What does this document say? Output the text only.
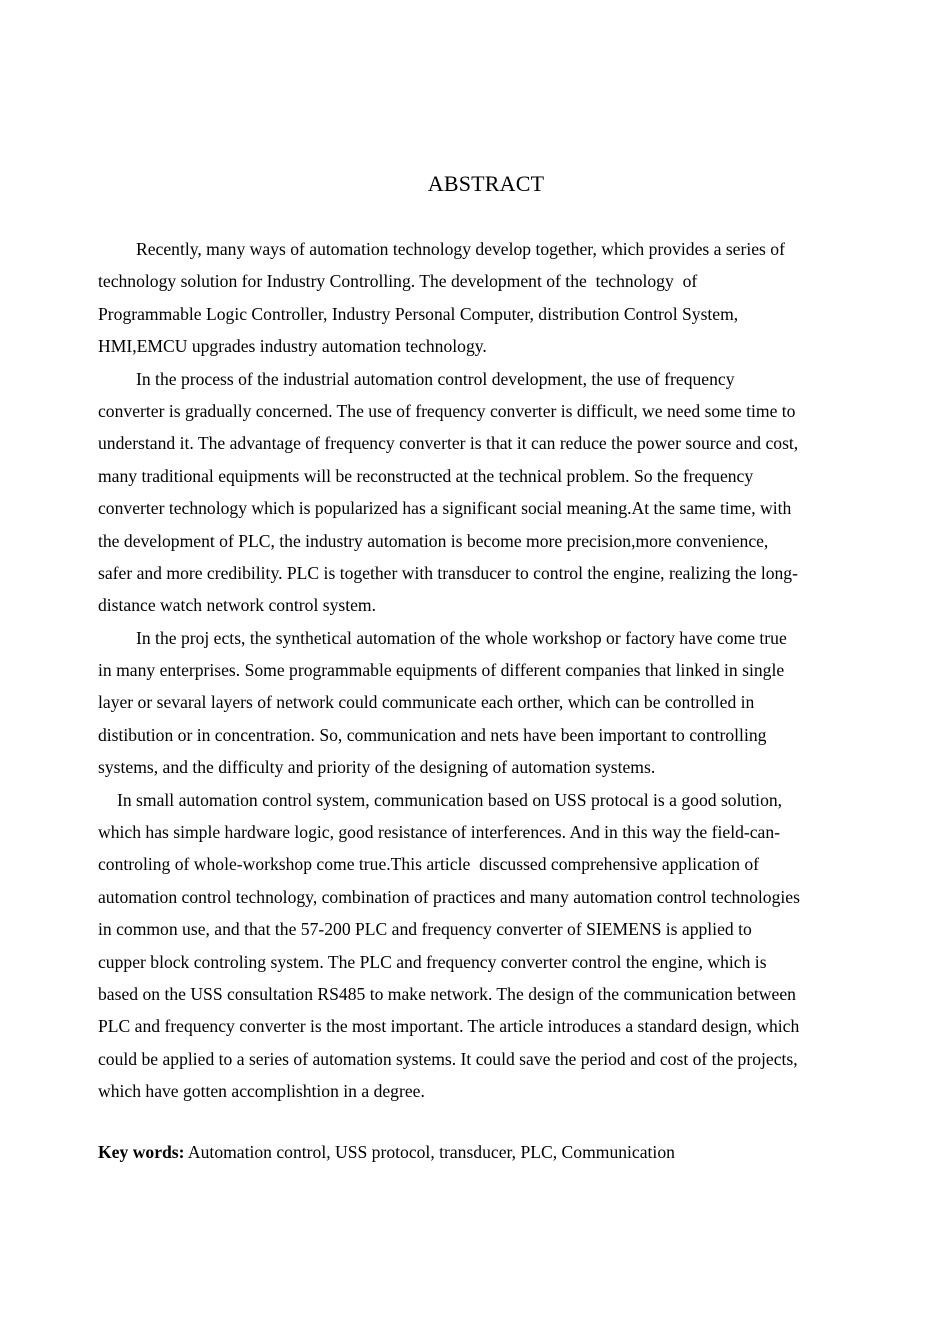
ABSTRACT
Recently, many ways of automation technology develop together, which provides a series of
technology solution for Industry Controlling. The development of the  technology  of
Programmable Logic Controller, Industry Personal Computer, distribution Control System,
HMI,EMCU upgrades industry automation technology.
In the process of the industrial automation control development, the use of frequency
converter is gradually concerned. The use of frequency converter is difficult, we need some time to
understand it. The advantage of frequency converter is that it can reduce the power source and cost,
many traditional equipments will be reconstructed at the technical problem. So the frequency
converter technology which is popularized has a significant social meaning.At the same time, with
the development of PLC, the industry automation is become more precision,more convenience,
safer and more credibility. PLC is together with transducer to control the engine, realizing the long-
distance watch network control system.
In the proj ects, the synthetical automation of the whole workshop or factory have come true
in many enterprises. Some programmable equipments of different companies that linked in single
layer or sevaral layers of network could communicate each orther, which can be controlled in
distibution or in concentration. So, communication and nets have been important to controlling
systems, and the difficulty and priority of the designing of automation systems.
In small automation control system, communication based on USS protocal is a good solution,
which has simple hardware logic, good resistance of interferences. And in this way the field-can-
controling of whole-workshop come true.This article  discussed comprehensive application of
automation control technology, combination of practices and many automation control technologies
in common use, and that the 57-200 PLC and frequency converter of SIEMENS is applied to
cupper block controling system. The PLC and frequency converter control the engine, which is
based on the USS consultation RS485 to make network. The design of the communication between
PLC and frequency converter is the most important. The article introduces a standard design, which
could be applied to a series of automation systems. It could save the period and cost of the projects,
which have gotten accomplishtion in a degree.
Key words: Automation control, USS protocol, transducer, PLC, Communication
